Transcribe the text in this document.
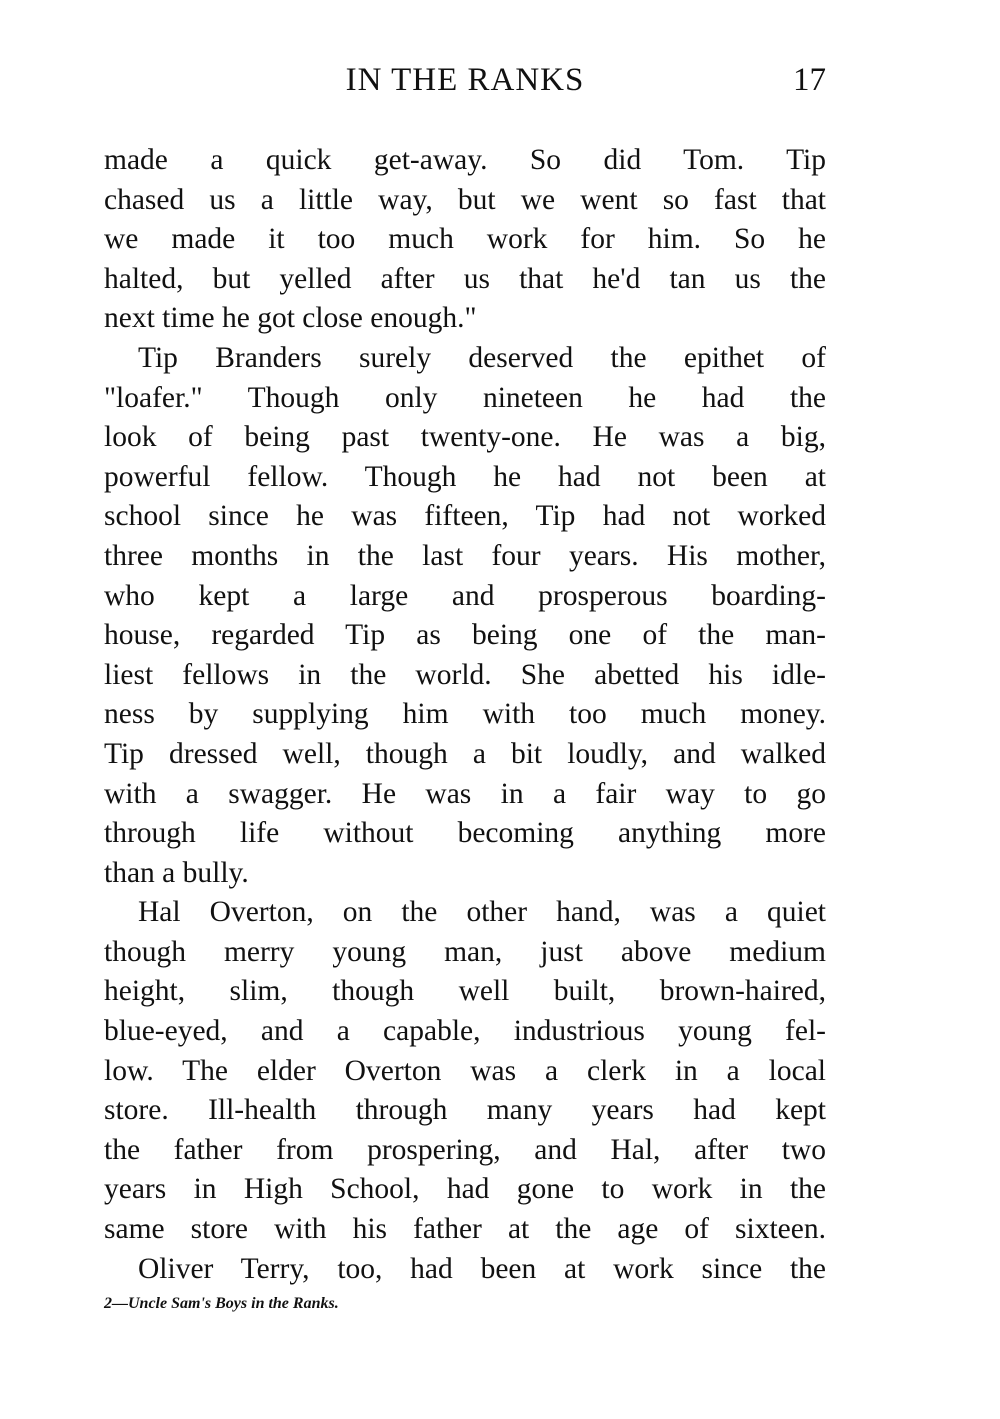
IN THE RANKS	17
made a quick get-away. So did Tom. Tip
chased us a little way, but we went so fast that
we made it too much work for him. So he
halted, but yelled after us that he'd tan us the
next time he got close enough."
Tip Branders surely deserved the epithet of
"loafer." Though only nineteen he had the
look of being past twenty-one. He was a big,
powerful fellow. Though he had not been at
school since he was fifteen, Tip had not worked
three months in the last four years. His mother,
who kept a large and prosperous boarding-
house, regarded Tip as being one of the man-
liest fellows in the world. She abetted his idle-
ness by supplying him with too much money.
Tip dressed well, though a bit loudly, and walked
with a swagger. He was in a fair way to go
through life without becoming anything more
than a bully.
Hal Overton, on the other hand, was a quiet
though merry young man, just above medium
height, slim, though well built, brown-haired,
blue-eyed, and a capable, industrious young fel-
low. The elder Overton was a clerk in a local
store. Ill-health through many years had kept
the father from prospering, and Hal, after two
years in High School, had gone to work in the
same store with his father at the age of sixteen.
Oliver Terry, too, had been at work since the
2—Uncle Sam's Boys in the Ranks.
